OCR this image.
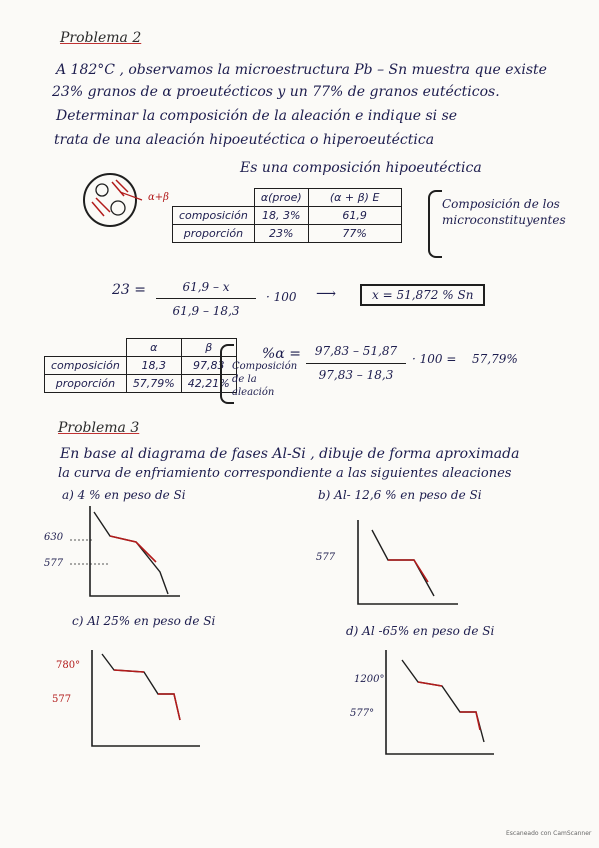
Problema 2
A 182°C , observamos la microestructura Pb – Sn muestra que existe
23% granos de α proeutécticos y un 77% de granos eutécticos.
Determinar la composición de la aleación e indique si se
trata de una aleación hipoeutéctica o hiperoeutéctica
Es una composición hipoeutéctica
α+β
		α(proe)	(α + β) E
composición	18, 3%	61,9
proporción	23%	77%
Composición de los microconstituyentes
23 =	61,9 – x
61,9 – 18,3
· 100 ⟶	x = 51,872 % Sn
	α	β
composición	18,3	97,83
proporción	57,79%	42,21%
Composición de la aleación
%α =	97,83 – 51,87
97,83 – 18,3
· 100 = 57,79%
Problema 3
En base al diagrama de fases Al-Si , dibuje de forma aproximada
la curva de enfriamiento correspondiente a las siguientes aleaciones
a) 4 % en peso de Si	b) Al- 12,6 % en peso de Si
630
577
577
c) Al 25% en peso de Si
d) Al -65% en peso de Si
780°
577
1200°
577°
Escaneado con CamScanner
